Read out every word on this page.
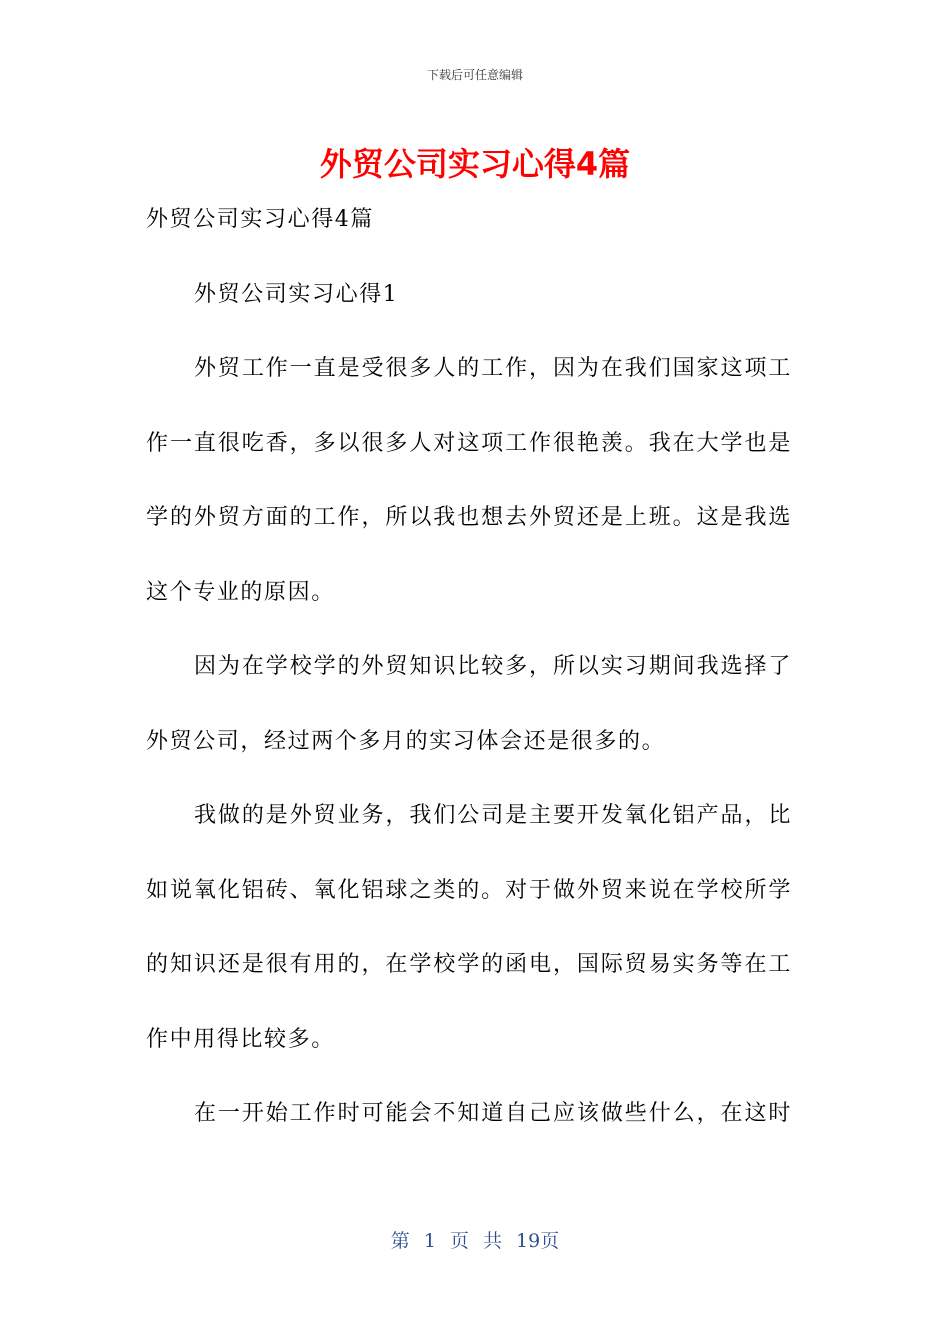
下载后可任意编辑
外贸公司实习心得4篇
外贸公司实习心得4篇
外贸公司实习心得1
外贸工作一直是受很多人的工作，因为在我们国家这项工
作一直很吃香，多以很多人对这项工作很艳羡。我在大学也是
学的外贸方面的工作，所以我也想去外贸还是上班。这是我选
这个专业的原因。
因为在学校学的外贸知识比较多，所以实习期间我选择了
外贸公司，经过两个多月的实习体会还是很多的。
我做的是外贸业务，我们公司是主要开发氧化铝产品，比
如说氧化铝砖、氧化铝球之类的。对于做外贸来说在学校所学
的知识还是很有用的，在学校学的函电，国际贸易实务等在工
作中用得比较多。
在一开始工作时可能会不知道自己应该做些什么，在这时
第 1 页 共 19页
